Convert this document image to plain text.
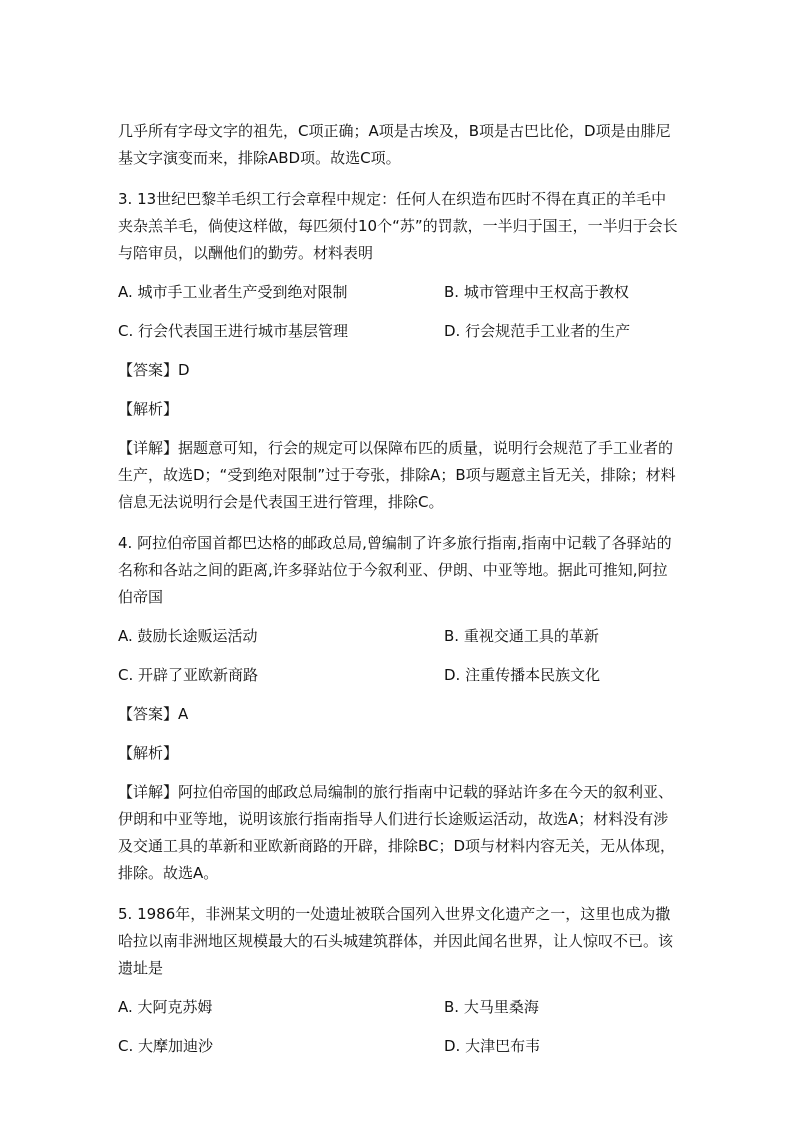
几乎所有字母文字的祖先，C项正确；A项是古埃及，B项是古巴比伦，D项是由腓尼基文字演变而来，排除ABD项。故选C项。

3. 13世纪巴黎羊毛织工行会章程中规定：任何人在织造布匹时不得在真正的羊毛中夹杂羔羊毛，倘使这样做，每匹须付10个“苏”的罚款，一半归于国王，一半归于会长与陪审员，以酬他们的勤劳。材料表明

A. 城市手工业者生产受到绝对限制	B. 城市管理中王权高于教权
C. 行会代表国王进行城市基层管理	D. 行会规范手工业者的生产

【答案】D

【解析】

【详解】据题意可知，行会的规定可以保障布匹的质量，说明行会规范了手工业者的生产，故选D；“受到绝对限制”过于夸张，排除A；B项与题意主旨无关，排除；材料信息无法说明行会是代表国王进行管理，排除C。

4. 阿拉伯帝国首都巴达格的邮政总局,曾编制了许多旅行指南,指南中记载了各驿站的名称和各站之间的距离,许多驿站位于今叙利亚、伊朗、中亚等地。据此可推知,阿拉伯帝国

A. 鼓励长途贩运活动	B. 重视交通工具的革新
C. 开辟了亚欧新商路	D. 注重传播本民族文化

【答案】A

【解析】

【详解】阿拉伯帝国的邮政总局编制的旅行指南中记载的驿站许多在今天的叙利亚、伊朗和中亚等地，说明该旅行指南指导人们进行长途贩运活动，故选A；材料没有涉及交通工具的革新和亚欧新商路的开辟，排除BC；D项与材料内容无关，无从体现，排除。故选A。

5. 1986年，非洲某文明的一处遗址被联合国列入世界文化遗产之一，这里也成为撒哈拉以南非洲地区规模最大的石头城建筑群体，并因此闻名世界，让人惊叹不已。该遗址是

A. 大阿克苏姆	B. 大马里桑海
C. 大摩加迪沙	D. 大津巴布韦
